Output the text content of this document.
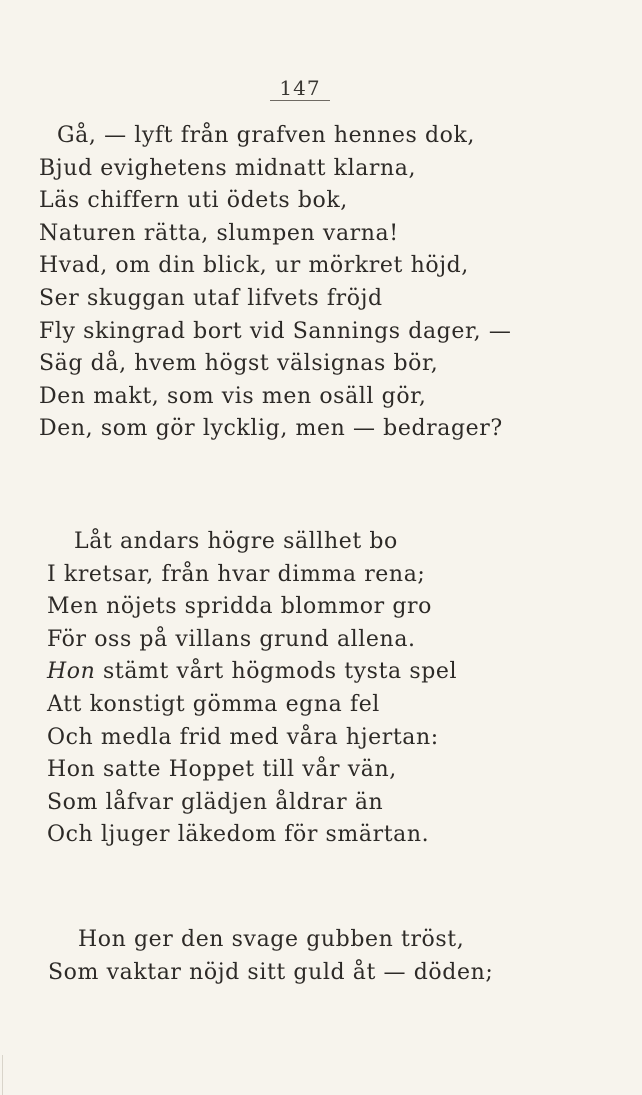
147
Gå, — lyft från grafven hennes dok,
Bjud evighetens midnatt klarna,
Läs chiffern uti ödets bok,
Naturen rätta, slumpen varna!
Hvad, om din blick, ur mörkret höjd,
Ser skuggan utaf lifvets fröjd
Fly skingrad bort vid Sannings dager, —
Säg då, hvem högst välsignas bör,
Den makt, som vis men osäll gör,
Den, som gör lycklig, men — bedrager?
Låt andars högre sällhet bo
I kretsar, från hvar dimma rena;
Men nöjets spridda blommor gro
För oss på villans grund allena.
Hon stämt vårt högmods tysta spel
Att konstigt gömma egna fel
Och medla frid med våra hjertan:
Hon satte Hoppet till vår vän,
Som låfvar glädjen åldrar än
Och ljuger läkedom för smärtan.
Hon ger den svage gubben tröst,
Som vaktar nöjd sitt guld åt — döden;
